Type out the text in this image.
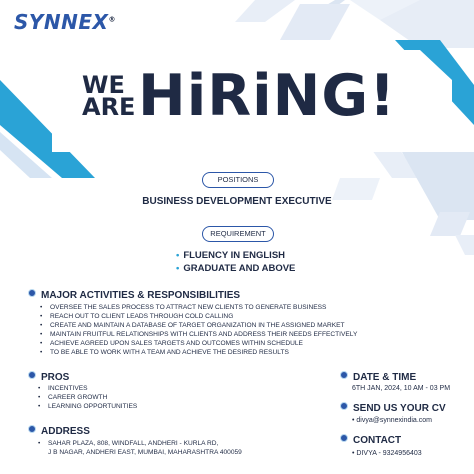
SYNNEX®
WE
ARE HiRiNG!
POSITIONS
BUSINESS DEVELOPMENT EXECUTIVE
REQUIREMENT
• FLUENCY IN ENGLISH
• GRADUATE AND ABOVE
MAJOR ACTIVITIES & RESPONSIBILITIES
• OVERSEE THE SALES PROCESS TO ATTRACT NEW CLIENTS TO GENERATE BUSINESS
• REACH OUT TO CLIENT LEADS THROUGH COLD CALLING
• CREATE AND MAINTAIN A DATABASE OF TARGET ORGANIZATION IN THE ASSIGNED MARKET
• MAINTAIN FRUITFUL RELATIONSHIPS WITH CLIENTS AND ADDRESS THEIR NEEDS EFFECTIVELY
• ACHIEVE AGREED UPON SALES TARGETS AND OUTCOMES WITHIN SCHEDULE
• TO BE ABLE TO WORK WITH A TEAM AND ACHIEVE THE DESIRED RESULTS
PROS
• INCENTIVES
• CAREER GROWTH
• LEARNING OPPORTUNITIES
ADDRESS
• SAHAR PLAZA, 808, WINDFALL, ANDHERI - KURLA RD,
J B NAGAR, ANDHERI EAST, MUMBAI, MAHARASHTRA 400059
DATE & TIME
6TH JAN, 2024, 10 AM - 03 PM
SEND US YOUR CV
• divya@synnexindia.com
CONTACT
• DIVYA - 9324956403
